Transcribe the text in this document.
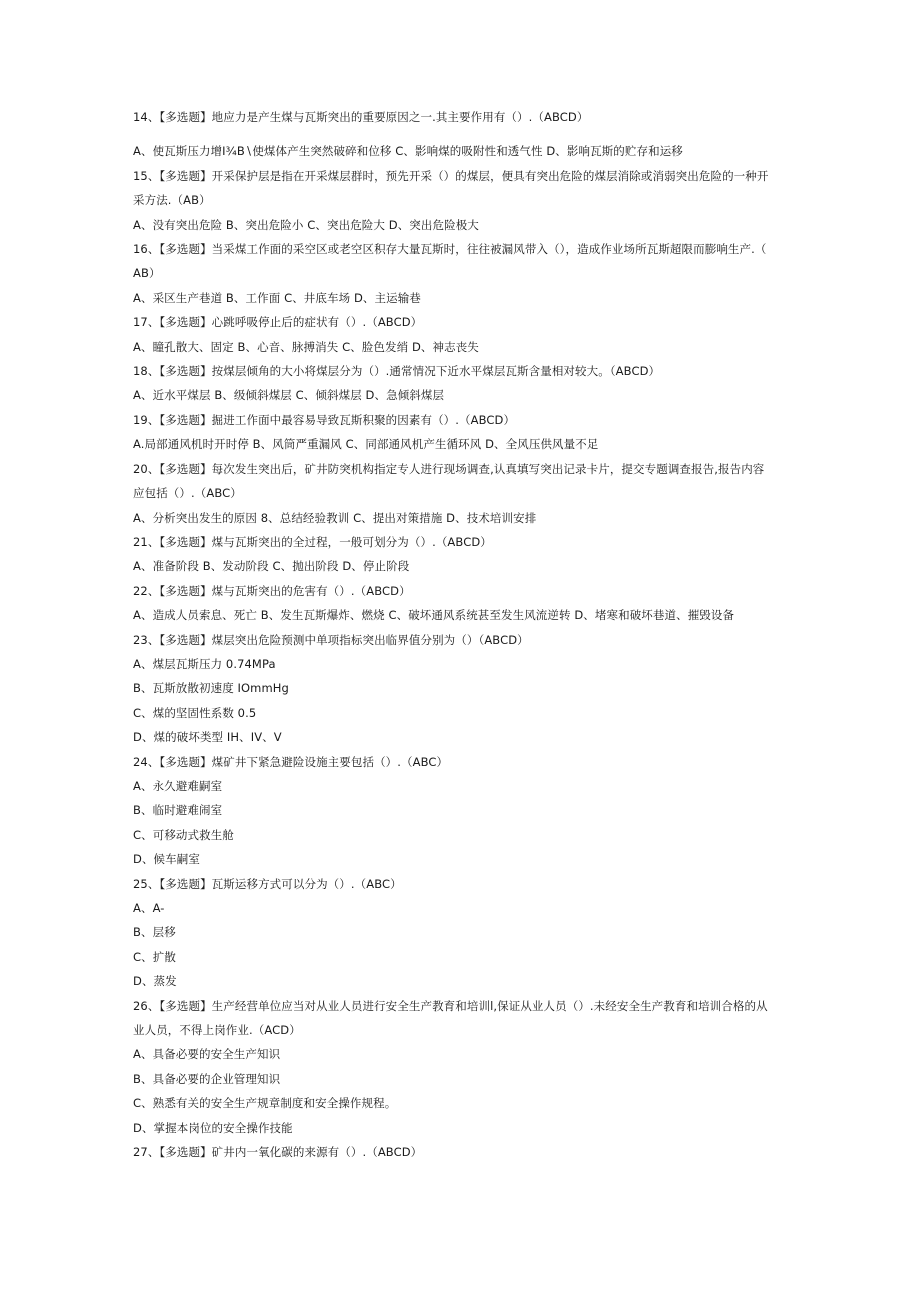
14、【多选题】地应力是产生煤与瓦斯突出的重要原因之一.其主要作用有（）.（ABCD）
A、使瓦斯压力增Ⅰ¾B∖使煤体产生突然破碎和位移 C、影响煤的吸附性和透气性 D、影响瓦斯的贮存和运移
15、【多选题】开采保护层是指在开采煤层群时，预先开采（）的煤层，便具有突出危险的煤层消除或消弱突出危险的一种开
采方法.（AB）
A、没有突出危险 B、突出危险小 C、突出危险大 D、突出危险极大
16、【多选题】当采煤工作面的采空区或老空区积存大量瓦斯时，往往被漏风带入（），造成作业场所瓦斯超限而膨响生产.（
AB）
A、采区生产巷道 B、工作面 C、井底车场 D、主运输巷
17、【多选题】心跳呼吸停止后的症状有（）.（ABCD）
A、瞳孔散大、固定 B、心音、脉搏消失 C、脸色发绡 D、神志丧失
18、【多选题】按煤层倾角的大小将煤层分为（）.通常情况下近水平煤层瓦斯含量相对较大。（ABCD）
A、近水平煤层 B、级倾斜煤层 C、倾斜煤层 D、急倾斜煤层
19、【多选题】掘进工作面中最容易导致瓦斯积聚的因素有（）.（ABCD）
A.局部通风机时开时停 B、风筒严重漏风 C、同部通风机产生循环风 D、全风压供风量不足
20、【多选题】每次发生突出后，矿井防突机构指定专人进行现场调查,认真填写突出记录卡片，提交专题调查报告,报告内容
应包括（）.（ABC）
A、分析突出发生的原因 8、总结经验教训 C、提出对策措施 D、技术培训安排
21、【多选题】煤与瓦斯突出的全过程，一般可划分为（）.（ABCD）
A、准备阶段 B、发动阶段 C、抛出阶段 D、停止阶段
22、【多选题】煤与瓦斯突出的危害有（）.（ABCD）
A、造成人员索息、死亡 B、发生瓦斯爆炸、燃烧 C、破坏通风系统甚至发生风流逆转 D、堵寒和破坏巷道、摧毁设备
23、【多选题】煤层突出危险预测中单项指标突出临界值分别为（）（ABCD）
A、煤层瓦斯压力 0.74MPa
B、瓦斯放散初速度 IOmmHg
C、煤的坚固性系数 0.5
D、煤的破坏类型 IH、IV、V
24、【多选题】煤矿井下紧急避险设施主要包括（）.（ABC）
A、永久避难嗣室
B、临时避难闹室
C、可移动式救生舱
D、候车嗣室
25、【多选题】瓦斯运移方式可以分为（）.（ABC）
A、A-
B、层移
C、扩散
D、蒸发
26、【多选题】生产经营单位应当对从业人员进行安全生产教育和培训l,保证从业人员（）.未经安全生产教育和培训合格的从
业人员，不得上岗作业.（ACD）
A、具备必要的安全生产知识
B、具备必要的企业管理知识
C、熟悉有关的安全生产规章制度和安全操作规程。
D、掌握本岗位的安全操作技能
27、【多选题】矿井内一氧化碳的来源有（）.（ABCD）
